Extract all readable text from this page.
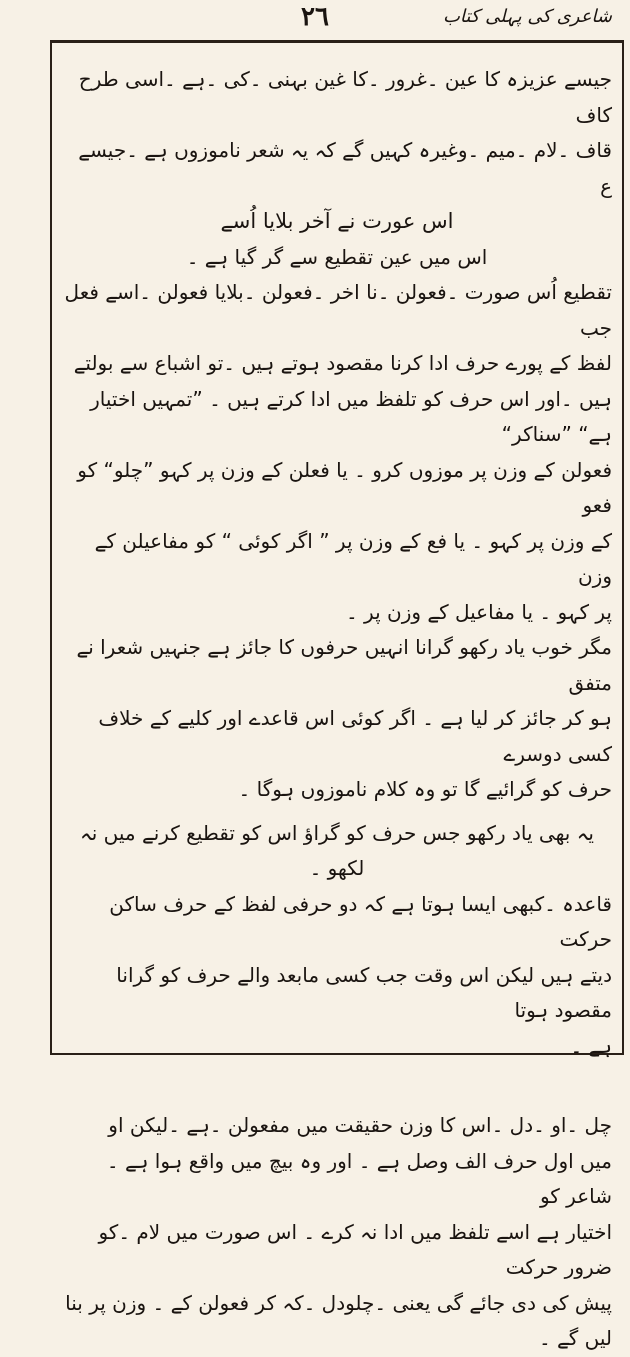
٢٦	شاعری کی پہلی کتاب

جیسے عزیزہ کا عین ۔غرور ۔کا غین بہنی ۔کی ۔ہے ۔اسی طرح کاف

قاف ۔لام ۔میم ۔وغیرہ کہیں گے کہ یہ شعر ناموزوں ہے ۔جیسے ع

اس عورت نے آخر بلایا اُسے

اس میں عین تقطیع سے گر گیا ہے ۔

تقطیع اُس صورت ۔فعولن ۔نا اخر ۔فعولن ۔بلایا فعولن ۔اسے فعل جب

لفظ کے پورے حرف ادا کرنا مقصود ہوتے ہیں ۔تو اشباع سے بولتے

ہیں ۔اور اس حرف کو تلفظ میں ادا کرتے ہیں ۔ ”تمہیں اختیار ہے“ ”سناکر“

فعولن کے وزن پر موزوں کرو ۔ یا فعلن کے وزن پر کہو ”چلو“ کو فعو

کے وزن پر کہو ۔ یا فع کے وزن پر ” اگر کوئی “ کو مفاعیلن کے وزن

پر کہو ۔ یا مفاعیل کے وزن پر ۔

مگر خوب یاد رکھو گرانا انہیں حرفوں کا جائز ہے جنہیں شعرا نے متفق

ہو کر جائز کر لیا ہے ۔ اگر کوئی اس قاعدے اور کلیے کے خلاف کسی دوسرے

حرف کو گرائیے گا تو وہ کلام ناموزوں ہوگا ۔

یہ بھی یاد رکھو جس حرف کو گراؤ اس کو تقطیع کرنے میں نہ لکھو ۔

قاعدہ ۔کبھی ایسا ہوتا ہے کہ دو حرفی لفظ کے حرف ساکن حرکت

دیتے ہیں لیکن اس وقت جب کسی مابعد والے حرف کو گرانا مقصود ہوتا

ہے ۔

چل ۔او ۔دل ۔اس کا وزن حقیقت میں مفعولن ۔ہے ۔لیکن او

میں اول حرف الف وصل ہے ۔ اور وہ بیچ میں واقع ہوا ہے ۔شاعر کو

اختیار ہے اسے تلفظ میں ادا نہ کرے ۔ اس صورت میں لام ۔کو ضرور حرکت

پیش کی دی جائے گی یعنی ۔چلودل ۔کہ کر فعولن کے ۔ وزن پر بنا لیں گے ۔
